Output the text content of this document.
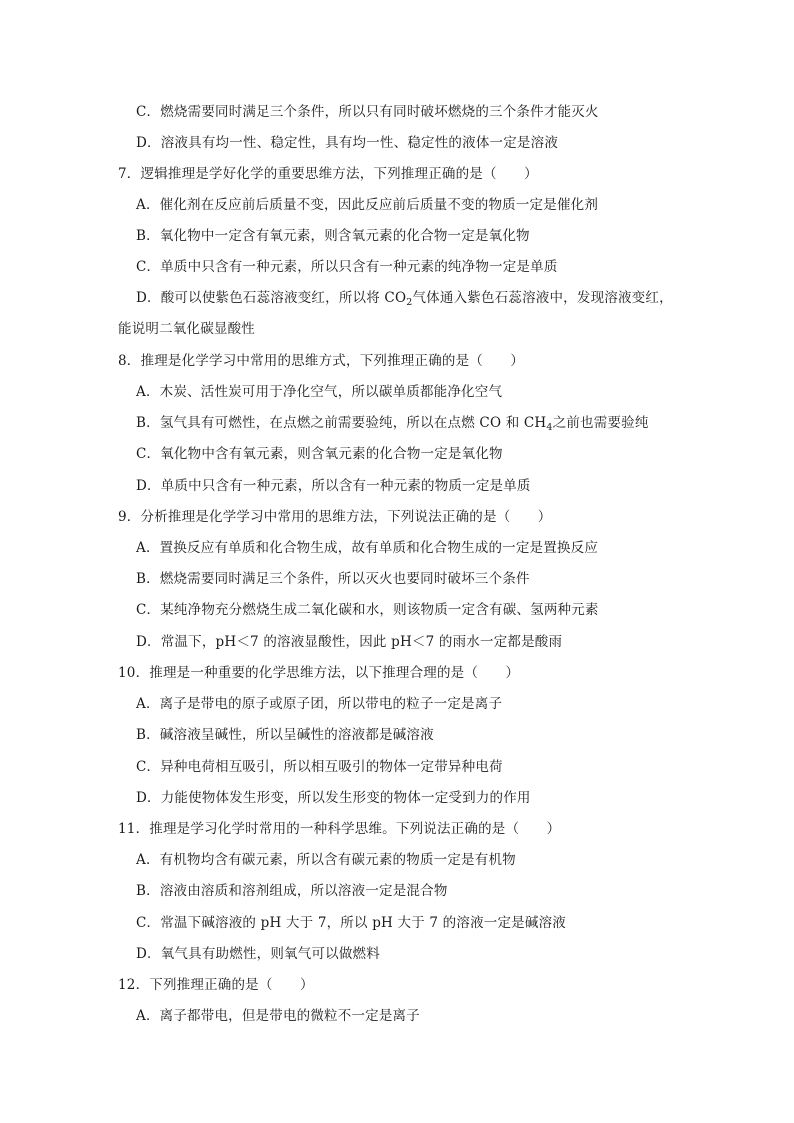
C．燃烧需要同时满足三个条件，所以只有同时破坏燃烧的三个条件才能灭火
D．溶液具有均一性、稳定性，具有均一性、稳定性的液体一定是溶液
7．逻辑推理是学好化学的重要思维方法，下列推理正确的是（　　）
A．催化剂在反应前后质量不变，因此反应前后质量不变的物质一定是催化剂
B．氧化物中一定含有氧元素，则含氧元素的化合物一定是氧化物
C．单质中只含有一种元素，所以只含有一种元素的纯净物一定是单质
D．酸可以使紫色石蕊溶液变红，所以将 $CO_2$气体通入紫色石蕊溶液中，发现溶液变红，
能说明二氧化碳显酸性
8．推理是化学学习中常用的思维方式，下列推理正确的是（　　）
A．木炭、活性炭可用于净化空气，所以碳单质都能净化空气
B．氢气具有可燃性，在点燃之前需要验纯，所以在点燃 CO 和 $CH_4$之前也需要验纯
C．氧化物中含有氧元素，则含氧元素的化合物一定是氧化物
D．单质中只含有一种元素，所以含有一种元素的物质一定是单质
9．分析推理是化学学习中常用的思维方法，下列说法正确的是（　　）
A．置换反应有单质和化合物生成，故有单质和化合物生成的一定是置换反应
B．燃烧需要同时满足三个条件，所以灭火也要同时破坏三个条件
C．某纯净物充分燃烧生成二氧化碳和水，则该物质一定含有碳、氢两种元素
D．常温下，pH＜7 的溶液显酸性，因此 pH＜7 的雨水一定都是酸雨
10．推理是一种重要的化学思维方法，以下推理合理的是（　　）
A．离子是带电的原子或原子团，所以带电的粒子一定是离子
B．碱溶液呈碱性，所以呈碱性的溶液都是碱溶液
C．异种电荷相互吸引，所以相互吸引的物体一定带异种电荷
D．力能使物体发生形变，所以发生形变的物体一定受到力的作用
11．推理是学习化学时常用的一种科学思维。下列说法正确的是（　　）
A．有机物均含有碳元素，所以含有碳元素的物质一定是有机物
B．溶液由溶质和溶剂组成，所以溶液一定是混合物
C．常温下碱溶液的 pH 大于 7，所以 pH 大于 7 的溶液一定是碱溶液
D．氧气具有助燃性，则氧气可以做燃料
12．下列推理正确的是（　　）
A．离子都带电，但是带电的微粒不一定是离子
